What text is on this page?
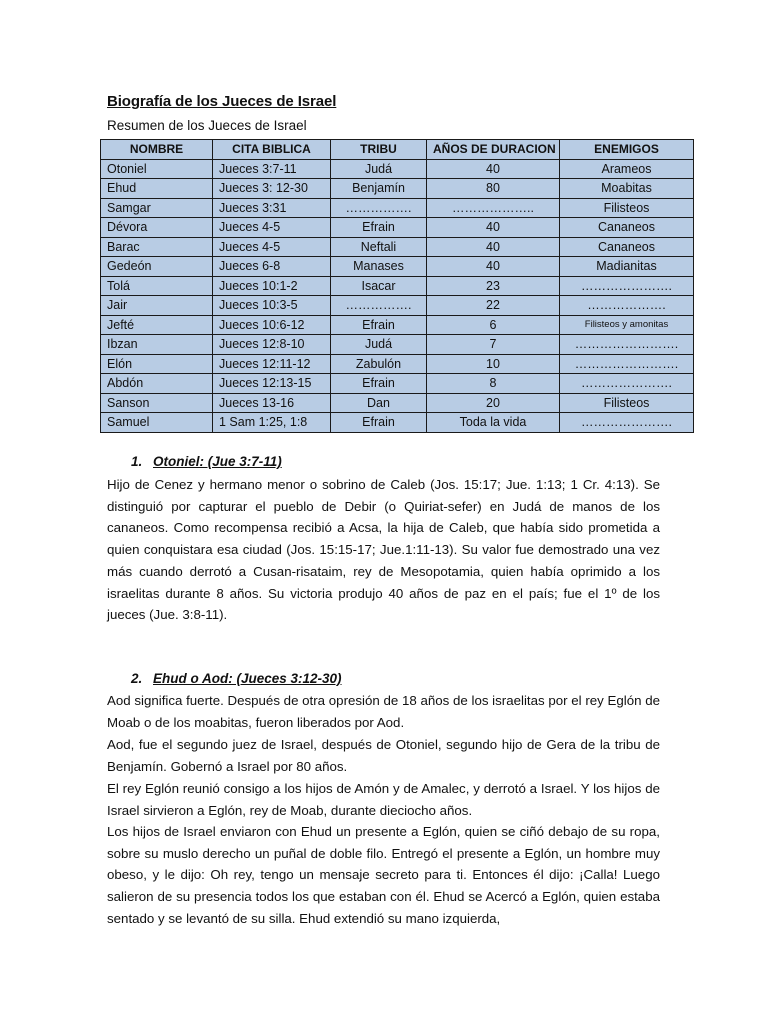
Biografía de los Jueces de Israel
Resumen de los Jueces de Israel
NOMBRE	CITA BIBLICA	TRIBU	AÑOS DE DURACION	ENEMIGOS
Otoniel	Jueces 3:7-11	Judá	40	Arameos
Ehud	Jueces 3: 12-30	Benjamín	80	Moabitas
Samgar	Jueces 3:31	…………….	………………..	Filisteos
Dévora	Jueces 4-5	Efrain	40	Cananeos
Barac	Jueces 4-5	Neftali	40	Cananeos
Gedeón	Jueces 6-8	Manases	40	Madianitas
Tolá	Jueces 10:1-2	Isacar	23	………………….
Jair	Jueces 10:3-5	…………….	22	……………….
Jefté	Jueces 10:6-12	Efrain	6	Filisteos y amonitas
Ibzan	Jueces 12:8-10	Judá	7	…………………….
Elón	Jueces 12:11-12	Zabulón	10	…………………….
Abdón	Jueces 12:13-15	Efrain	8	………………….
Sanson	Jueces 13-16	Dan	20	Filisteos
Samuel	1 Sam 1:25, 1:8	Efrain	Toda la vida	………………….
1. Otoniel: (Jue 3:7-11)

Hijo de Cenez y hermano menor o sobrino de Caleb (Jos. 15:17; Jue. 1:13; 1 Cr. 4:13). Se distinguió por capturar el pueblo de Debir (o Quiriat-sefer) en Judá de manos de los cananeos. Como recompensa recibió a Acsa, la hija de Caleb, que había sido prometida a quien conquistara esa ciudad (Jos. 15:15-17; Jue.1:11-13). Su valor fue demostrado una vez más cuando derrotó a Cusan-risataim, rey de Mesopotamia, quien había oprimido a los israelitas durante 8 años. Su victoria produjo 40 años de paz en el país; fue el 1º de los jueces (Jue. 3:8-11).

2. Ehud o Aod: (Jueces 3:12-30)

Aod significa fuerte. Después de otra opresión de 18 años de los israelitas por el rey Eglón de Moab o de los moabitas, fueron liberados por Aod.

Aod, fue el segundo juez de Israel, después de Otoniel, segundo hijo de Gera de la tribu de Benjamín. Gobernó a Israel por 80 años.

El rey Eglón reunió consigo a los hijos de Amón y de Amalec, y derrotó a Israel. Y los hijos de Israel sirvieron a Eglón, rey de Moab, durante dieciocho años.

Los hijos de Israel enviaron con Ehud un presente a Eglón, quien se ciñó debajo de su ropa, sobre su muslo derecho un puñal de doble filo. Entregó el presente a Eglón, un hombre muy obeso, y le dijo: Oh rey, tengo un mensaje secreto para ti. Entonces él dijo: ¡Calla! Luego salieron de su presencia todos los que estaban con él. Ehud se Acercó a Eglón, quien estaba sentado y se levantó de su silla. Ehud extendió su mano izquierda,
